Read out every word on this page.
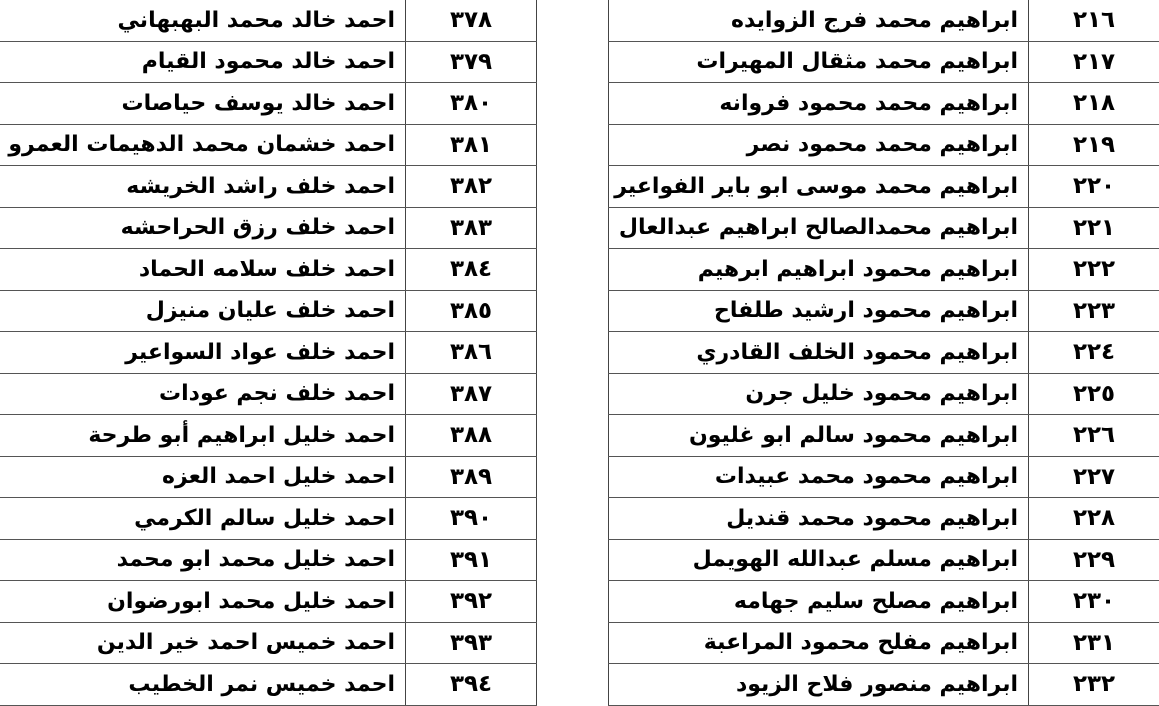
٢١٦	ابراهيم محمد فرج الزوايده
٢١٧	ابراهيم محمد مثقال المهيرات
٢١٨	ابراهيم محمد محمود فروانه
٢١٩	ابراهيم محمد محمود نصر
٢٢٠	ابراهيم محمد موسى ابو باير الفواعير
٢٢١	ابراهيم محمدالصالح ابراهيم عبدالعال
٢٢٢	ابراهيم محمود ابراهيم ابرهيم
٢٢٣	ابراهيم محمود ارشيد طلفاح
٢٢٤	ابراهيم محمود الخلف القادري
٢٢٥	ابراهيم محمود خليل جرن
٢٢٦	ابراهيم محمود سالم ابو غليون
٢٢٧	ابراهيم محمود محمد عبيدات
٢٢٨	ابراهيم محمود محمد قنديل
٢٢٩	ابراهيم مسلم عبدالله الهويمل
٢٣٠	ابراهيم مصلح سليم جهامه
٢٣١	ابراهيم مفلح محمود المراعبة
٢٣٢	ابراهيم منصور فلاح الزيود
٣٧٨	احمد خالد محمد البهبهاني
٣٧٩	احمد خالد محمود القيام
٣٨٠	احمد خالد يوسف حياصات
٣٨١	احمد خشمان محمد الدهيمات العمرو
٣٨٢	احمد خلف راشد الخريشه
٣٨٣	احمد خلف رزق الحراحشه
٣٨٤	احمد خلف سلامه الحماد
٣٨٥	احمد خلف عليان منيزل
٣٨٦	احمد خلف عواد السواعير
٣٨٧	احمد خلف نجم عودات
٣٨٨	احمد خليل ابراهيم أبو طرحة
٣٨٩	احمد خليل احمد العزه
٣٩٠	احمد خليل سالم الكرمي
٣٩١	احمد خليل محمد ابو محمد
٣٩٢	احمد خليل محمد ابورضوان
٣٩٣	احمد خميس احمد خير الدين
٣٩٤	احمد خميس نمر الخطيب
